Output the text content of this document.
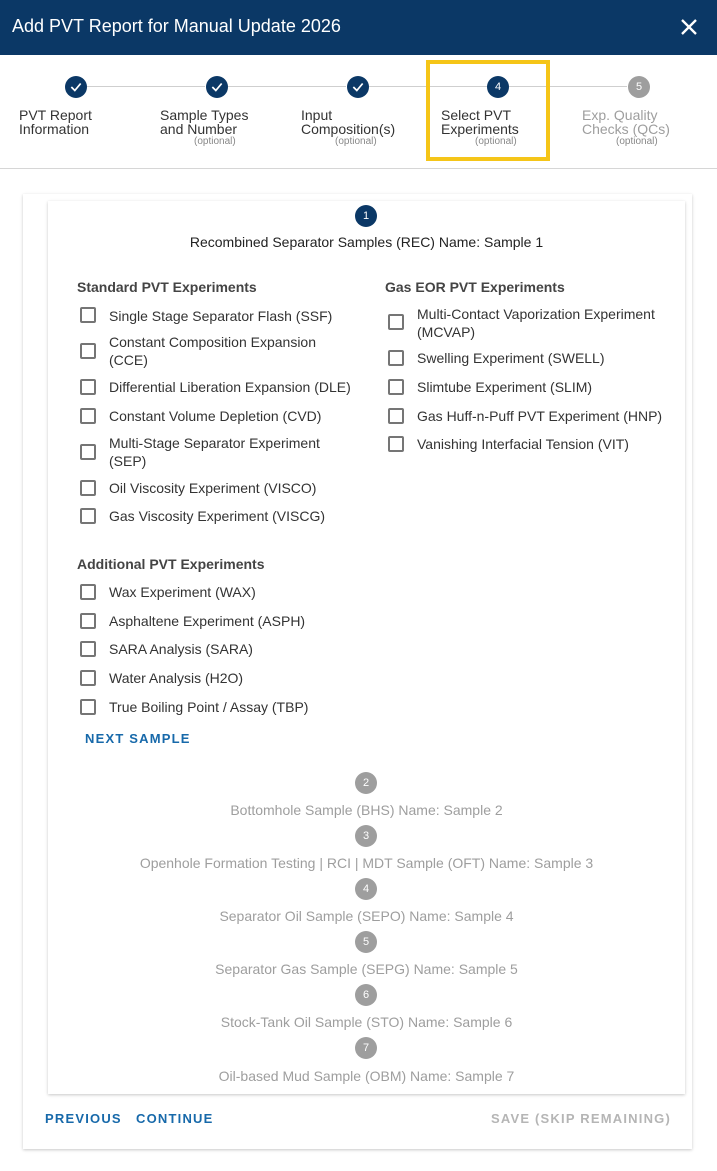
Add PVT Report for Manual Update 2026
PVT Report
Information
Sample Types
and Number
(optional)
Input
Composition(s)
(optional)
4
Select PVT
Experiments
(optional)
5
Exp. Quality
Checks (QCs)
(optional)
1
Recombined Separator Samples (REC) Name: Sample 1
Standard PVT Experiments
Single Stage Separator Flash (SSF)
Constant Composition Expansion
(CCE)
Differential Liberation Expansion (DLE)
Constant Volume Depletion (CVD)
Multi-Stage Separator Experiment
(SEP)
Oil Viscosity Experiment (VISCO)
Gas Viscosity Experiment (VISCG)
Gas EOR PVT Experiments
Multi-Contact Vaporization Experiment
(MCVAP)
Swelling Experiment (SWELL)
Slimtube Experiment (SLIM)
Gas Huff-n-Puff PVT Experiment (HNP)
Vanishing Interfacial Tension (VIT)
Additional PVT Experiments
Wax Experiment (WAX)
Asphaltene Experiment (ASPH)
SARA Analysis (SARA)
Water Analysis (H2O)
True Boiling Point / Assay (TBP)
NEXT SAMPLE
2
Bottomhole Sample (BHS) Name: Sample 2
3
Openhole Formation Testing | RCI | MDT Sample (OFT) Name: Sample 3
4
Separator Oil Sample (SEPO) Name: Sample 4
5
Separator Gas Sample (SEPG) Name: Sample 5
6
Stock-Tank Oil Sample (STO) Name: Sample 6
7
Oil-based Mud Sample (OBM) Name: Sample 7
PREVIOUS CONTINUE	SAVE (SKIP REMAINING)
